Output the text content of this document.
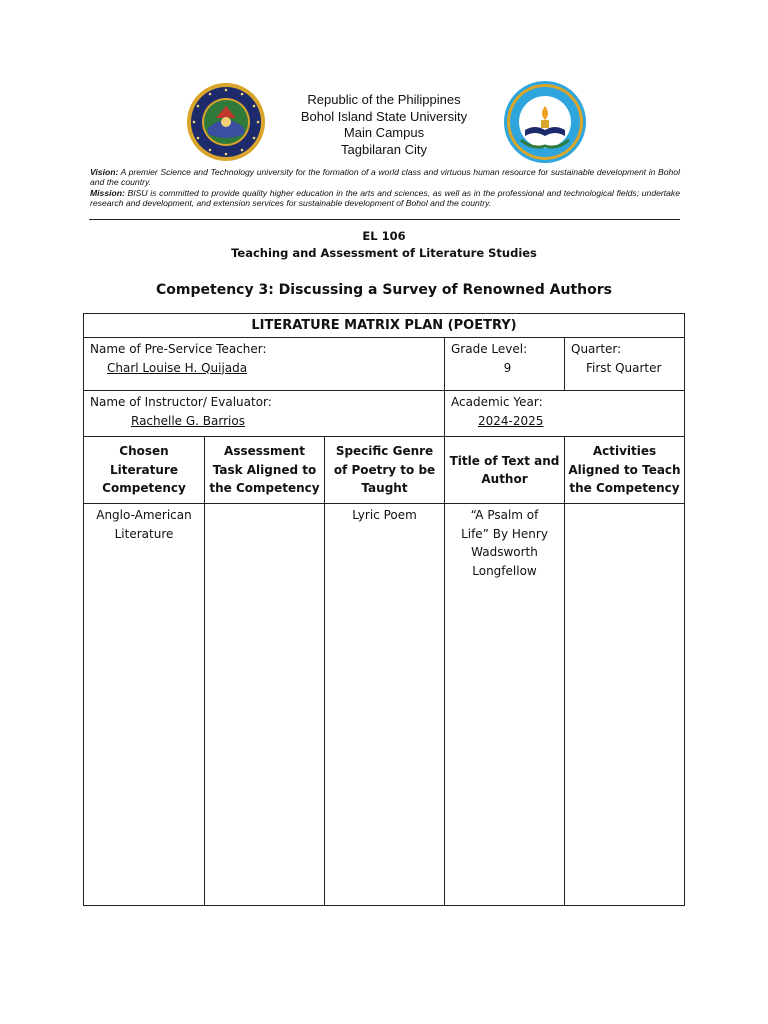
Republic of the Philippines
Bohol Island State University
Main Campus
Tagbilaran City
Vision: A premier Science and Technology university for the formation of a world class and virtuous human resource for sustainable development in Bohol and the country.
Mission: BISU is committed to provide quality higher education in the arts and sciences, as well as in the professional and technological fields; undertake research and development, and extension services for sustainable development of Bohol and the country.
EL 106
Teaching and Assessment of Literature Studies
Competency 3: Discussing a Survey of Renowned Authors
LITERATURE MATRIX PLAN (POETRY)
Name of Pre-Service Teacher:
Charl Louise H. Quijada
Grade Level:
9
Quarter:
First Quarter
Name of Instructor/ Evaluator:
Rachelle G. Barrios
Academic Year:
2024-2025
Chosen Literature Competency
Assessment Task Aligned to the Competency
Specific Genre of Poetry to be Taught
Title of Text and Author
Activities Aligned to Teach the Competency
Anglo-American Literature
Lyric Poem	“A Psalm of Life” By Henry Wadsworth Longfellow
